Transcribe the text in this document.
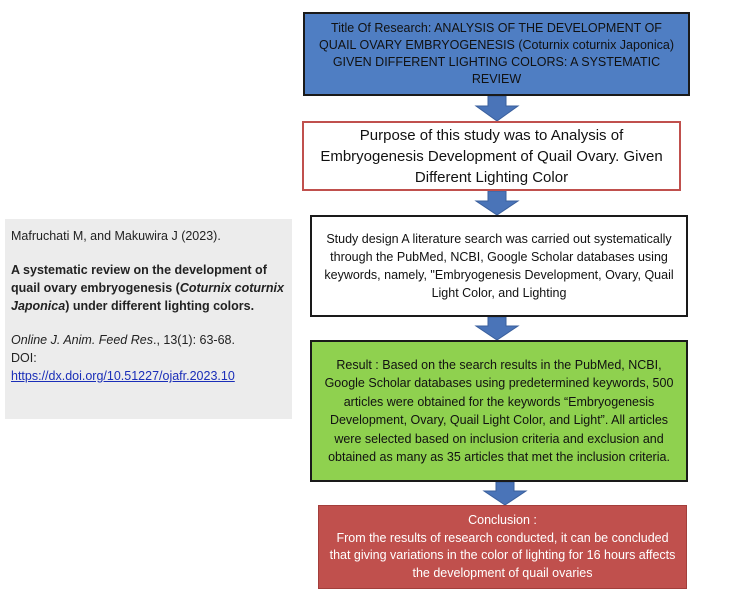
Title Of Research: ANALYSIS OF THE DEVELOPMENT OF QUAIL OVARY EMBRYOGENESIS (Coturnix coturnix Japonica) GIVEN DIFFERENT LIGHTING COLORS: A SYSTEMATIC REVIEW
Purpose of this study was to Analysis of Embryogenesis Development of Quail Ovary. Given Different Lighting Color
Study design A literature search was carried out systematically through the PubMed, NCBI, Google Scholar databases using keywords, namely, "Embryogenesis Development, Ovary, Quail Light Color, and Lighting
Result : Based on the search results in the PubMed, NCBI, Google Scholar databases using predetermined keywords, 500 articles were obtained for the keywords “Embryogenesis Development, Ovary, Quail Light Color, and Light”. All articles were selected based on inclusion criteria and exclusion and obtained as many as 35 articles that met the inclusion criteria.
Conclusion :
From the results of research conducted, it can be concluded that giving variations in the color of lighting for 16 hours affects the development of quail ovaries

Mafruchati M, and Makuwira J (2023).

A systematic review on the development of quail ovary embryogenesis (Coturnix coturnix Japonica) under different lighting colors.

Online J. Anim. Feed Res., 13(1): 63-68.

DOI:

https://dx.doi.org/10.51227/ojafr.2023.10
